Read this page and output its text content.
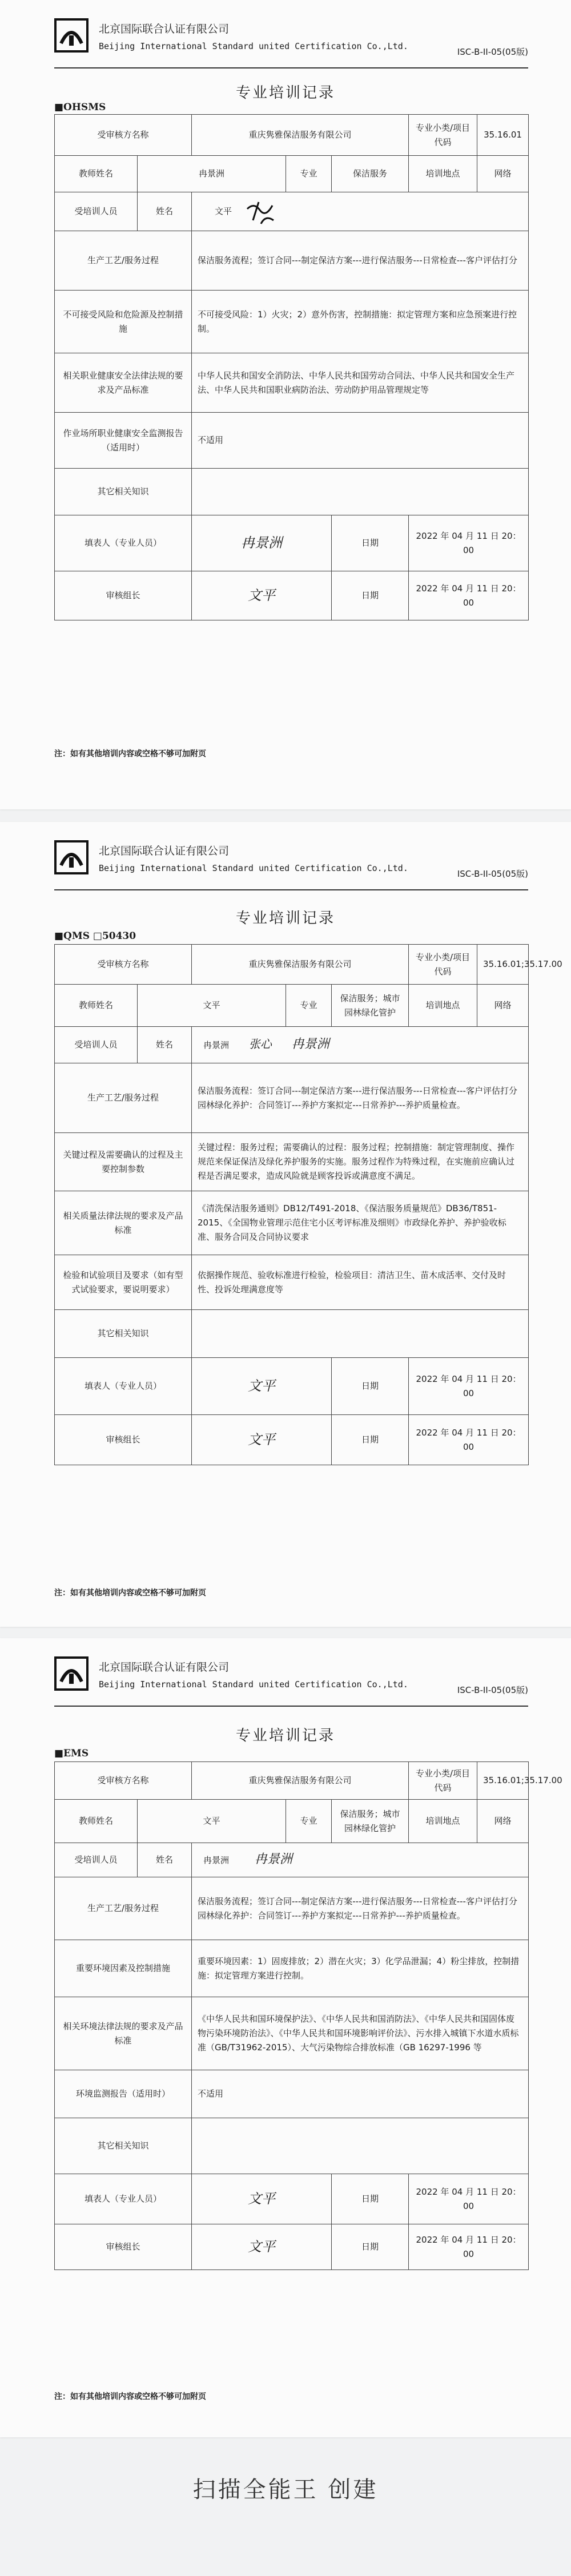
北京国际联合认证有限公司
Beijing International Standard united Certification Co.,Ltd.
ISC-B-II-05(05版)
专业培训记录
■OHSMS
受审核方名称		重庆隽雅保洁服务有限公司			专业小类/项目代码	35.16.01
教师姓名	冉景洲		专业	保洁服务	培训地点	网络
受培训人员	姓名	文平				
生产工艺/服务过程		保洁服务流程；签订合同---制定保洁方案---进行保洁服务---日常检查---客户评估打分				
不可接受风险和危险源及控制措施		不可接受风险：1）火灾；2）意外伤害，控制措施：拟定管理方案和应急预案进行控制。				
相关职业健康安全法律法规的要求及产品标准		中华人民共和国安全消防法、中华人民共和国劳动合同法、中华人民共和国安全生产法、中华人民共和国职业病防治法、劳动防护用品管理规定等				
作业场所职业健康安全监测报告（适用时）		不适用				
其它相关知识						
填表人（专业人员）		冉景洲		日期	2022 年 04 月 11 日 20：00	
审核组长		文平		日期	2022 年 04 月 11 日 20：00	
注：如有其他培训内容或空格不够可加附页
北京国际联合认证有限公司
Beijing International Standard united Certification Co.,Ltd.
ISC-B-II-05(05版)
专业培训记录
■QMS □50430
受审核方名称		重庆隽雅保洁服务有限公司			专业小类/项目代码	35.16.01;35.17.00
教师姓名	文平		专业	保洁服务；城市园林绿化管护	培训地点	网络
受培训人员	姓名	冉景洲 张心 冉景洲				
生产工艺/服务过程		保洁服务流程：签订合同---制定保洁方案---进行保洁服务---日常检查---客户评估打分园林绿化养护：合同签订---养护方案拟定---日常养护---养护质量检查。				
关键过程及需要确认的过程及主要控制参数		关键过程：服务过程；需要确认的过程：服务过程；控制措施：制定管理制度、操作规范来保证保洁及绿化养护服务的实施。服务过程作为特殊过程，在实施前应确认过程是否满足要求，造成风险就是顾客投诉或满意度不满足。				
相关质量法律法规的要求及产品标准		《清洗保洁服务通则》DB12/T491-2018、《保洁服务质量规范》DB36/T851-2015、《全国物业管理示范住宅小区考评标准及细则》市政绿化养护、养护验收标准、服务合同及合同协议要求				
检验和试验项目及要求（如有型式试验要求，要说明要求）		依据操作规范、验收标准进行检验，检验项目：清洁卫生、苗木成活率、交付及时性、投诉处理满意度等				
其它相关知识						
填表人（专业人员）		文平		日期	2022 年 04 月 11 日 20：00	
审核组长		文平		日期	2022 年 04 月 11 日 20：00	
注：如有其他培训内容或空格不够可加附页
北京国际联合认证有限公司
Beijing International Standard united Certification Co.,Ltd.
ISC-B-II-05(05版)
专业培训记录
■EMS
受审核方名称		重庆隽雅保洁服务有限公司			专业小类/项目代码	35.16.01;35.17.00
教师姓名	文平		专业	保洁服务；城市园林绿化管护	培训地点	网络
受培训人员	姓名	冉景洲 冉景洲				
生产工艺/服务过程		保洁服务流程；签订合同---制定保洁方案---进行保洁服务---日常检查---客户评估打分园林绿化养护：合同签订---养护方案拟定---日常养护---养护质量检查。				
重要环境因素及控制措施		重要环境因素：1）固废排放；2）潜在火灾；3）化学品泄漏；4）粉尘排放，控制措施：拟定管理方案进行控制。				
相关环境法律法规的要求及产品标准		《中华人民共和国环境保护法》、《中华人民共和国消防法》、《中华人民共和国固体废物污染环境防治法》、《中华人民共和国环境影响评价法》、污水排入城镇下水道水质标准（GB/T31962-2015）、大气污染物综合排放标准（GB 16297-1996 等				
环境监测报告（适用时）		不适用				
其它相关知识						
填表人（专业人员）		文平		日期	2022 年 04 月 11 日 20：00	
审核组长		文平		日期	2022 年 04 月 11 日 20：00	
注：如有其他培训内容或空格不够可加附页
扫描全能王 创建
